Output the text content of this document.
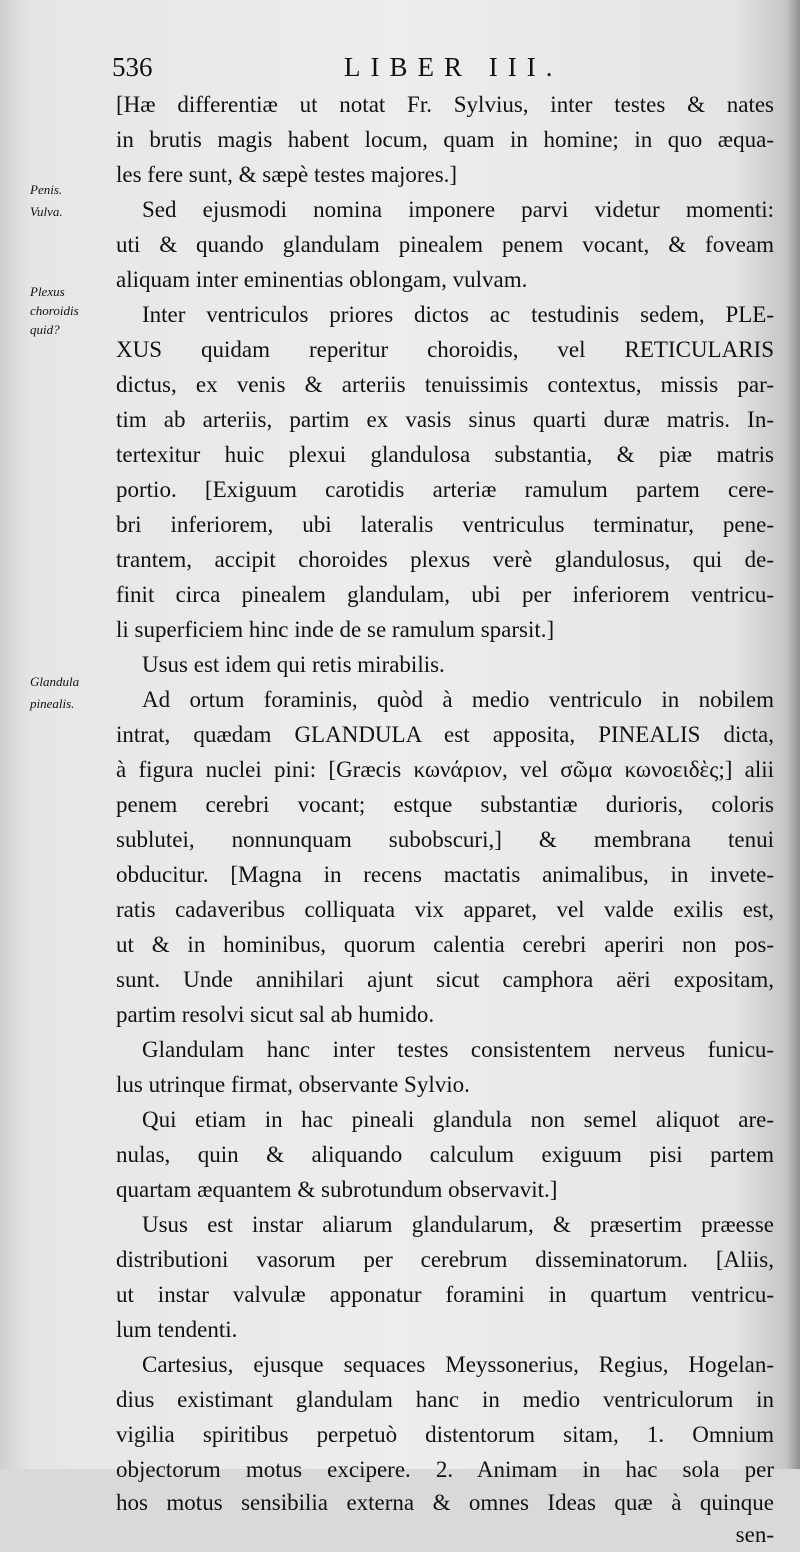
536	LIBER III.
Penis.
Vulva.
Plexus
choroidis
quid?
Glandula
pinealis.
[Hæ differentiæ ut notat Fr. Sylvius, inter testes & nates
in brutis magis habent locum, quam in homine; in quo æqua-
les fere sunt, & sæpè testes majores.]
Sed ejusmodi nomina imponere parvi videtur momenti:
uti & quando glandulam pinealem penem vocant, & foveam
aliquam inter eminentias oblongam, vulvam.
Inter ventriculos priores dictos ac testudinis sedem, PLE-
XUS quidam reperitur choroidis, vel RETICULARIS
dictus, ex venis & arteriis tenuissimis contextus, missis par-
tim ab arteriis, partim ex vasis sinus quarti duræ matris. In-
tertexitur huic plexui glandulosa substantia, & piæ matris
portio. [Exiguum carotidis arteriæ ramulum partem cere-
bri inferiorem, ubi lateralis ventriculus terminatur, pene-
trantem, accipit choroides plexus verè glandulosus, qui de-
finit circa pinealem glandulam, ubi per inferiorem ventricu-
li superficiem hinc inde de se ramulum sparsit.]
Usus est idem qui retis mirabilis.
Ad ortum foraminis, quòd à medio ventriculo in nobilem
intrat, quædam GLANDULA est apposita, PINEALIS dicta,
à figura nuclei pini: [Græcis κωνάριον, vel σῶμα κωνοειδὲς;] alii
penem cerebri vocant; estque substantiæ durioris, coloris
sublutei, nonnunquam subobscuri,] & membrana tenui
obducitur. [Magna in recens mactatis animalibus, in invete-
ratis cadaveribus colliquata vix apparet, vel valde exilis est,
ut & in hominibus, quorum calentia cerebri aperiri non pos-
sunt. Unde annihilari ajunt sicut camphora aëri expositam,
partim resolvi sicut sal ab humido.
Glandulam hanc inter testes consistentem nerveus funicu-
lus utrinque firmat, observante Sylvio.
Qui etiam in hac pineali glandula non semel aliquot are-
nulas, quin & aliquando calculum exiguum pisi partem
quartam æquantem & subrotundum observavit.]
Usus est instar aliarum glandularum, & præsertim præesse
distributioni vasorum per cerebrum disseminatorum. [Aliis,
ut instar valvulæ apponatur foramini in quartum ventricu-
lum tendenti.
Cartesius, ejusque sequaces Meyssonerius, Regius, Hogelan-
dius existimant glandulam hanc in medio ventriculorum in
vigilia spiritibus perpetuò distentorum sitam, 1. Omnium
objectorum motus excipere. 2. Animam in hac sola per
hos motus sensibilia externa & omnes Ideas quæ à quinque
sen-
